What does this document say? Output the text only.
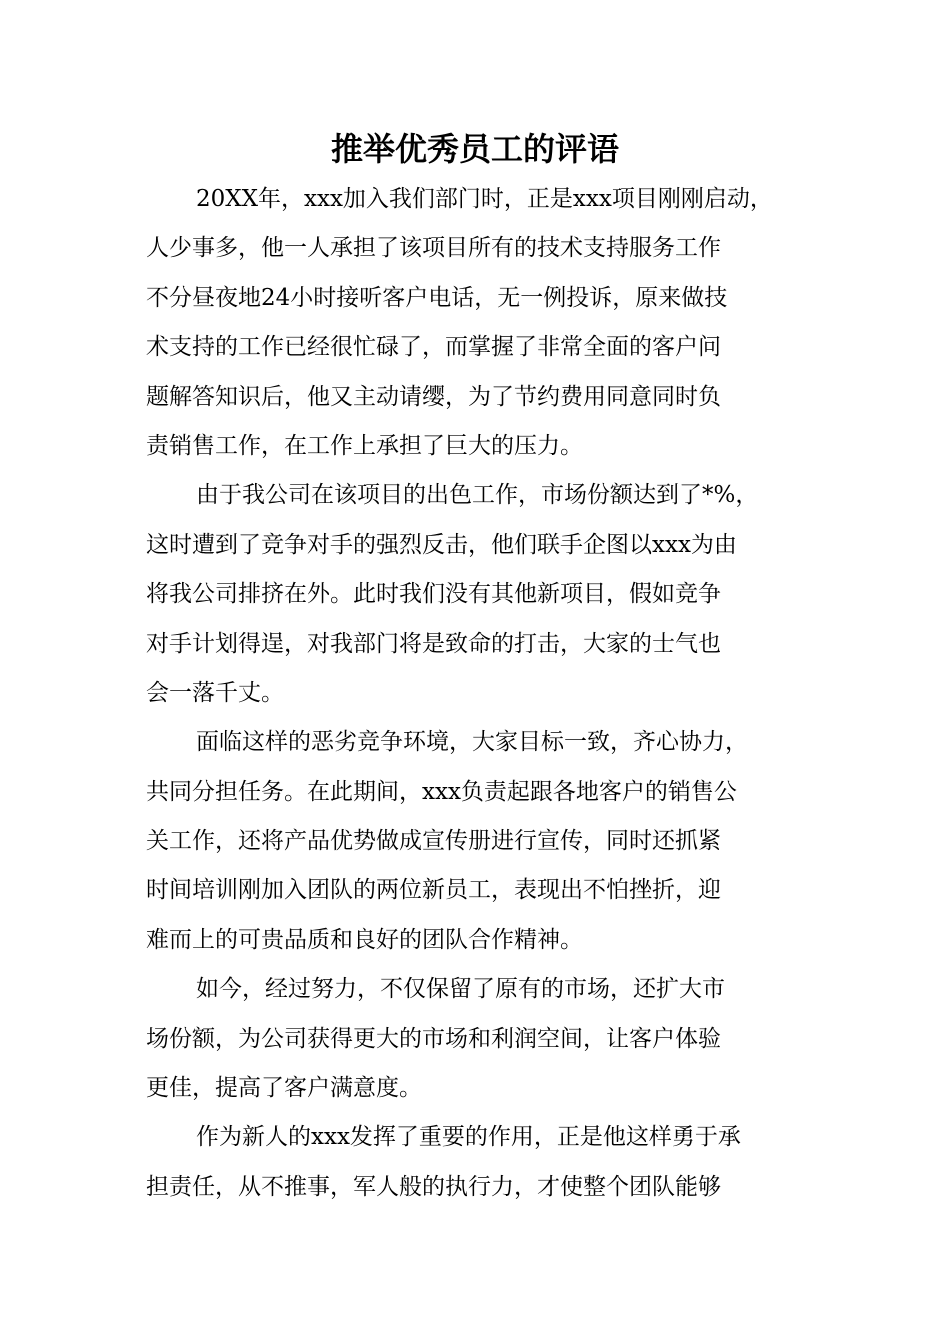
推举优秀员工的评语
20XX年，xxx加入我们部门时，正是xxx项目刚刚启动，
人少事多，他一人承担了该项目所有的技术支持服务工作
不分昼夜地24小时接听客户电话，无一例投诉，原来做技
术支持的工作已经很忙碌了，而掌握了非常全面的客户问
题解答知识后，他又主动请缨，为了节约费用同意同时负
责销售工作，在工作上承担了巨大的压力。
由于我公司在该项目的出色工作，市场份额达到了*%，
这时遭到了竞争对手的强烈反击，他们联手企图以xxx为由
将我公司排挤在外。此时我们没有其他新项目，假如竞争
对手计划得逞，对我部门将是致命的打击，大家的士气也
会一落千丈。
面临这样的恶劣竞争环境，大家目标一致，齐心协力，
共同分担任务。在此期间，xxx负责起跟各地客户的销售公
关工作，还将产品优势做成宣传册进行宣传，同时还抓紧
时间培训刚加入团队的两位新员工，表现出不怕挫折，迎
难而上的可贵品质和良好的团队合作精神。
如今，经过努力，不仅保留了原有的市场，还扩大市
场份额，为公司获得更大的市场和利润空间，让客户体验
更佳，提高了客户满意度。
作为新人的xxx发挥了重要的作用，正是他这样勇于承
担责任，从不推事，军人般的执行力，才使整个团队能够
